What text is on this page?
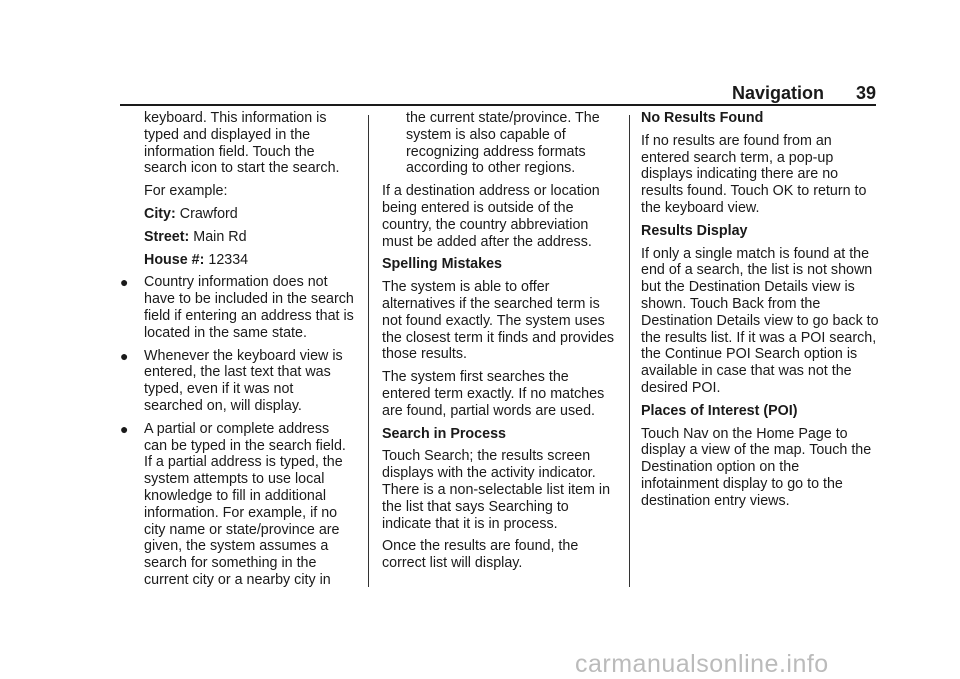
Navigation 39

keyboard. This information is typed and displayed in the information field. Touch the search icon to start the search.

For example:

City: Crawford

Street: Main Rd

House #: 12334

● Country information does not have to be included in the search field if entering an address that is located in the same state.
● Whenever the keyboard view is entered, the last text that was typed, even if it was not searched on, will display.
● A partial or complete address can be typed in the search field. If a partial address is typed, the system attempts to use local knowledge to fill in additional information. For example, if no city name or state/province are given, the system assumes a search for something in the current city or a nearby city in

the current state/province. The system is also capable of recognizing address formats according to other regions.

If a destination address or location being entered is outside of the country, the country abbreviation must be added after the address.

Spelling Mistakes

The system is able to offer alternatives if the searched term is not found exactly. The system uses the closest term it finds and provides those results.

The system first searches the entered term exactly. If no matches are found, partial words are used.

Search in Process

Touch Search; the results screen displays with the activity indicator. There is a non-selectable list item in the list that says Searching to indicate that it is in process.

Once the results are found, the correct list will display.

No Results Found

If no results are found from an entered search term, a pop-up displays indicating there are no results found. Touch OK to return to the keyboard view.

Results Display

If only a single match is found at the end of a search, the list is not shown but the Destination Details view is shown. Touch Back from the Destination Details view to go back to the results list. If it was a POI search, the Continue POI Search option is available in case that was not the desired POI.

Places of Interest (POI)

Touch Nav on the Home Page to display a view of the map. Touch the Destination option on the infotainment display to go to the destination entry views.

carmanualsonline.info
